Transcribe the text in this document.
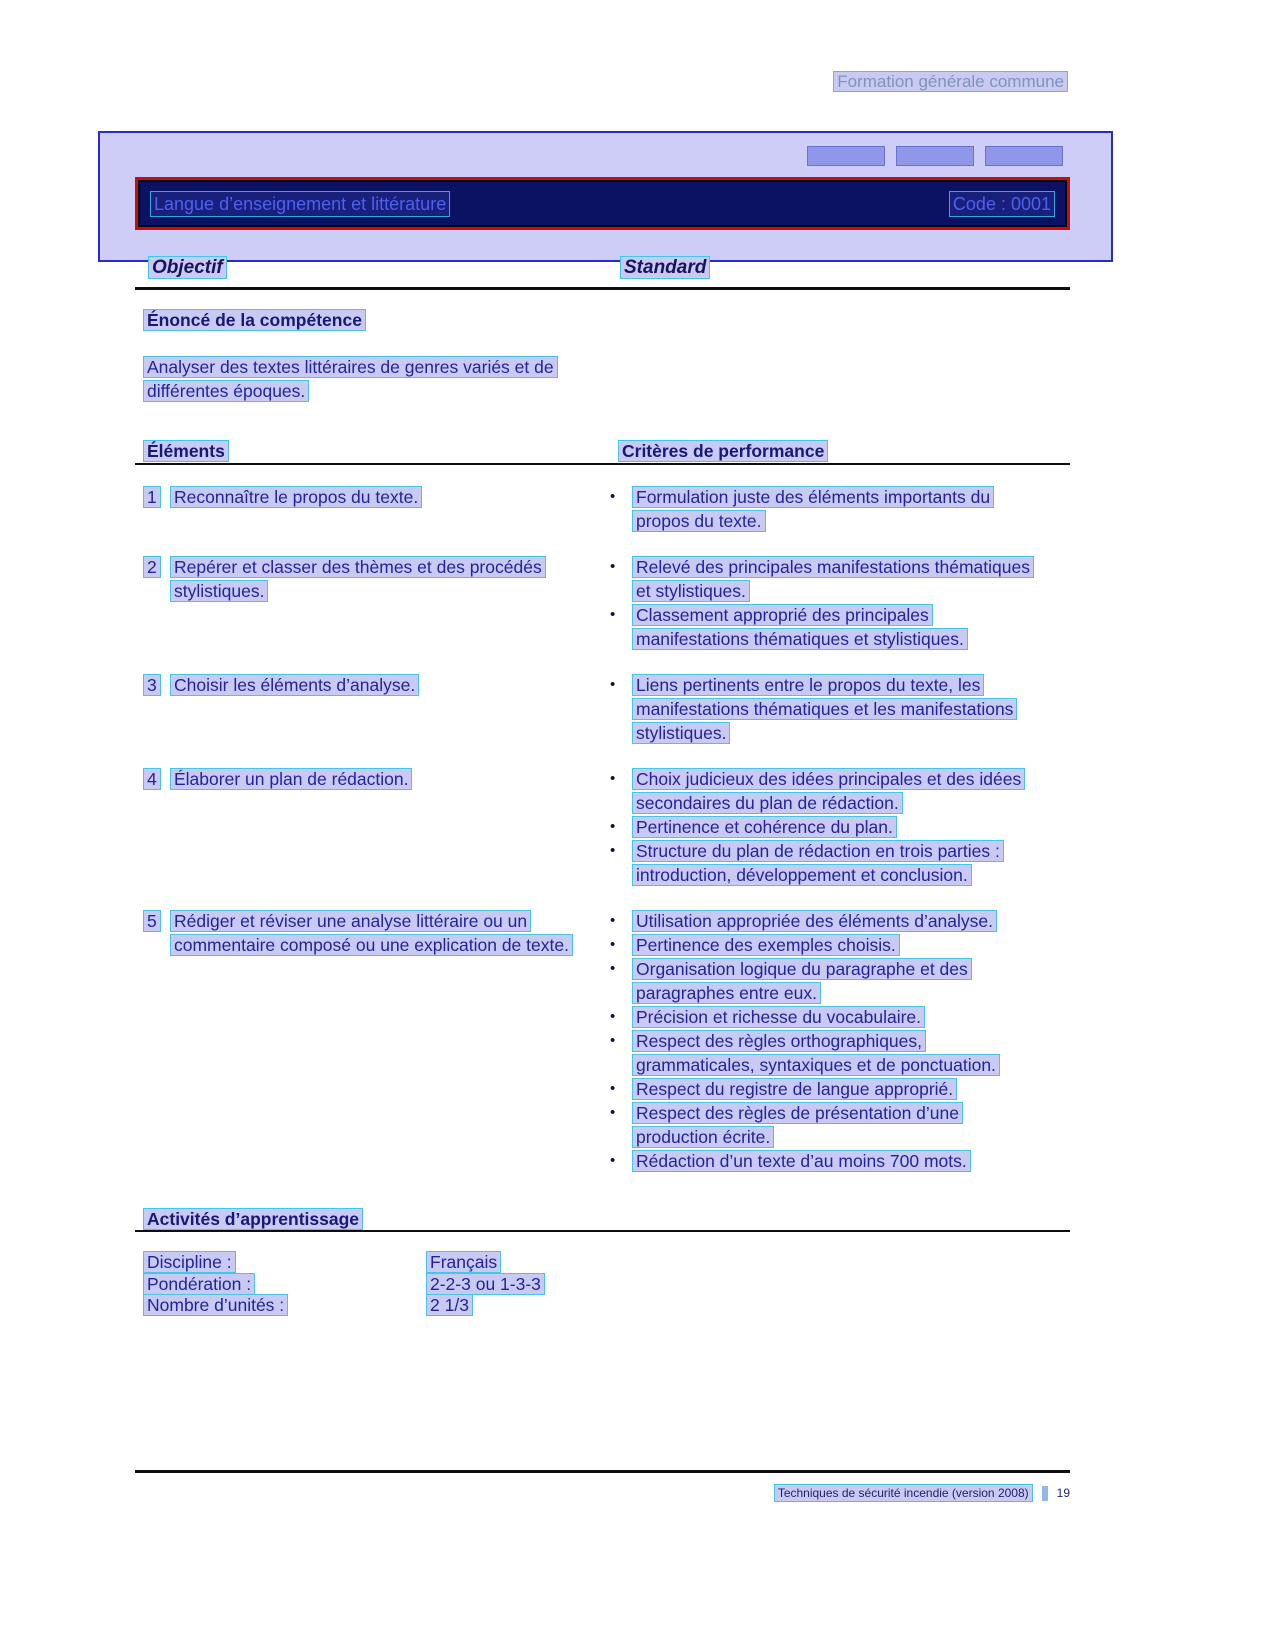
Formation générale commune
Langue d’enseignement et littérature	Code : 0001
Objectif	Standard
Énoncé de la compétence
Analyser des textes littéraires de genres variés et de différentes époques.
Éléments	Critères de performance
1 Reconnaître le propos du texte.	•	Formulation juste des éléments importants du propos du texte.
2 Repérer et classer des thèmes et des procédés stylistiques.
•	Relevé des principales manifestations thématiques et stylistiques.
•	Classement approprié des principales manifestations thématiques et stylistiques.
3 Choisir les éléments d’analyse.	•	Liens pertinents entre le propos du texte, les manifestations thématiques et les manifestations stylistiques.
4 Élaborer un plan de rédaction.	•	Choix judicieux des idées principales et des idées secondaires du plan de rédaction.
•	Pertinence et cohérence du plan.
•	Structure du plan de rédaction en trois parties : introduction, développement et conclusion.
5 Rédiger et réviser une analyse littéraire ou un commentaire composé ou une explication de texte.
•	Utilisation appropriée des éléments d’analyse.
•	Pertinence des exemples choisis.
•	Organisation logique du paragraphe et des paragraphes entre eux.
•	Précision et richesse du vocabulaire.
•	Respect des règles orthographiques, grammaticales, syntaxiques et de ponctuation.
•	Respect du registre de langue approprié.
•	Respect des règles de présentation d’une production écrite.
•	Rédaction d’un texte d’au moins 700 mots.
Activités d’apprentissage
Discipline :	Français
Pondération :	2-2-3 ou 1-3-3
Nombre d’unités :	2 1/3
Techniques de sécurité incendie (version 2008)	19
